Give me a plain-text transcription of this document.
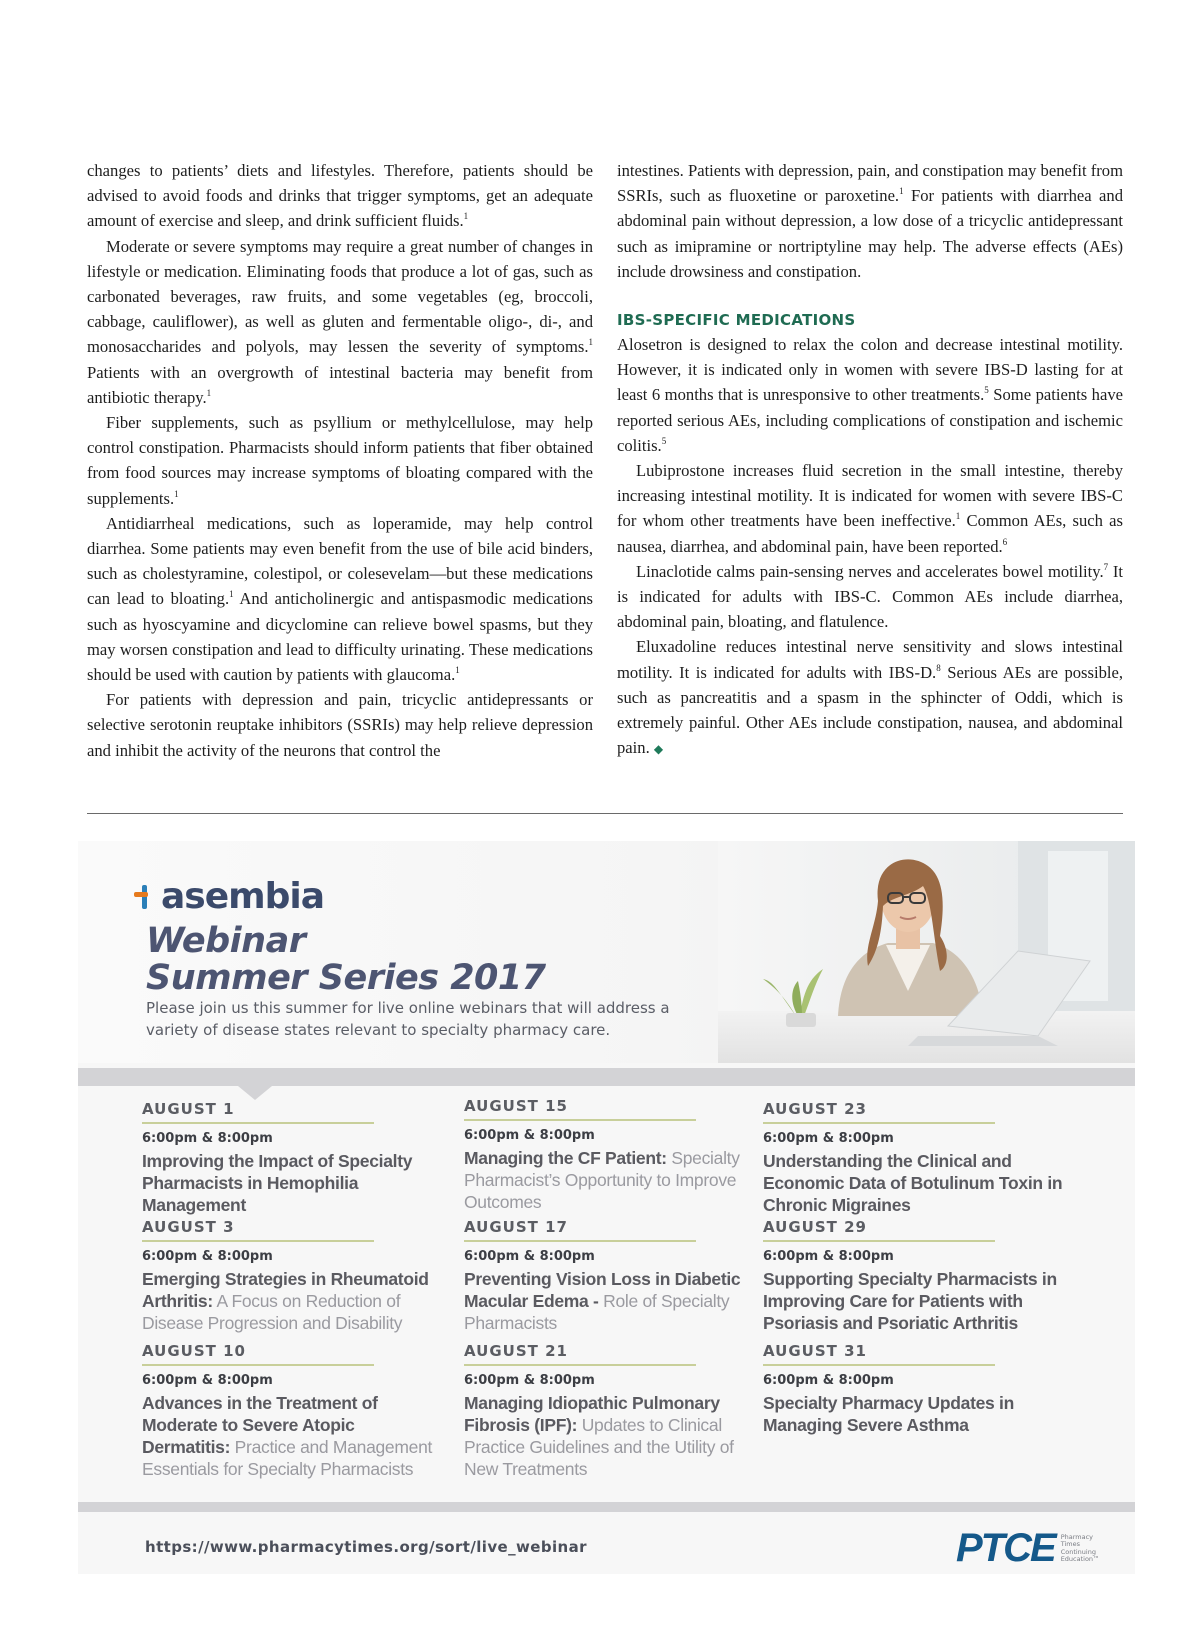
changes to patients’ diets and lifestyles. Therefore, patients should be advised to avoid foods and drinks that trigger symptoms, get an adequate amount of exercise and sleep, and drink sufficient fluids.$^1$

Moderate or severe symptoms may require a great number of changes in lifestyle or medication. Eliminating foods that produce a lot of gas, such as carbonated beverages, raw fruits, and some vegetables (eg, broccoli, cabbage, cauliflower), as well as gluten and fermentable oligo-, di-, and monosaccharides and polyols, may lessen the severity of symptoms.$^1$ Patients with an overgrowth of intestinal bacteria may benefit from antibiotic therapy.$^1$

Fiber supplements, such as psyllium or methylcellulose, may help control constipation. Pharmacists should inform patients that fiber obtained from food sources may increase symptoms of bloating compared with the supplements.$^1$

Antidiarrheal medications, such as loperamide, may help control diarrhea. Some patients may even benefit from the use of bile acid binders, such as cholestyramine, colestipol, or colesevelam—but these medications can lead to bloating.$^1$ And anticholinergic and antispasmodic medications such as hyoscyamine and dicyclomine can relieve bowel spasms, but they may worsen constipation and lead to difficulty urinating. These medications should be used with caution by patients with glaucoma.$^1$

For patients with depression and pain, tricyclic antidepressants or selective serotonin reuptake inhibitors (SSRIs) may help relieve depression and inhibit the activity of the neurons that control the

intestines. Patients with depression, pain, and constipation may benefit from SSRIs, such as fluoxetine or paroxetine.$^1$ For patients with diarrhea and abdominal pain without depression, a low dose of a tricyclic antidepressant such as imipramine or nortriptyline may help. The adverse effects (AEs) include drowsiness and constipation.

IBS-SPECIFIC MEDICATIONS

Alosetron is designed to relax the colon and decrease intestinal motility. However, it is indicated only in women with severe IBS-D lasting for at least 6 months that is unresponsive to other treatments.$^5$ Some patients have reported serious AEs, including complications of constipation and ischemic colitis.$^5$

Lubiprostone increases fluid secretion in the small intestine, thereby increasing intestinal motility. It is indicated for women with severe IBS-C for whom other treatments have been ineffective.$^1$ Common AEs, such as nausea, diarrhea, and abdominal pain, have been reported.$^6$

Linaclotide calms pain-sensing nerves and accelerates bowel motility.$^7$ It is indicated for adults with IBS-C. Common AEs include diarrhea, abdominal pain, bloating, and flatulence.

Eluxadoline reduces intestinal nerve sensitivity and slows intestinal motility. It is indicated for adults with IBS-D.$^8$ Serious AEs are possible, such as pancreatitis and a spasm in the sphincter of Oddi, which is extremely painful. Other AEs include constipation, nausea, and abdominal pain. ◆

asembia
Webinar
Summer Series 2017
Please join us this summer for live online webinars that will address a variety of disease states relevant to specialty pharmacy care.
AUGUST 1
6:00pm & 8:00pm
Improving the Impact of Specialty Pharmacists in Hemophilia Management
AUGUST 3
6:00pm & 8:00pm
Emerging Strategies in Rheumatoid Arthritis: A Focus on Reduction of Disease Progression and Disability
AUGUST 10
6:00pm & 8:00pm
Advances in the Treatment of Moderate to Severe Atopic Dermatitis: Practice and Management Essentials for Specialty Pharmacists
AUGUST 15
6:00pm & 8:00pm
Managing the CF Patient: Specialty Pharmacist’s Opportunity to Improve Outcomes
AUGUST 17
6:00pm & 8:00pm
Preventing Vision Loss in Diabetic Macular Edema - Role of Specialty Pharmacists
AUGUST 21
6:00pm & 8:00pm
Managing Idiopathic Pulmonary Fibrosis (IPF): Updates to Clinical Practice Guidelines and the Utility of New Treatments
AUGUST 23
6:00pm & 8:00pm
Understanding the Clinical and Economic Data of Botulinum Toxin in Chronic Migraines
AUGUST 29
6:00pm & 8:00pm
Supporting Specialty Pharmacists in Improving Care for Patients with Psoriasis and Psoriatic Arthritis
AUGUST 31
6:00pm & 8:00pm
Specialty Pharmacy Updates in Managing Severe Asthma
https://www.pharmacytimes.org/sort/live_webinar	PTCE Pharmacy
Times
Continuing
Education™
